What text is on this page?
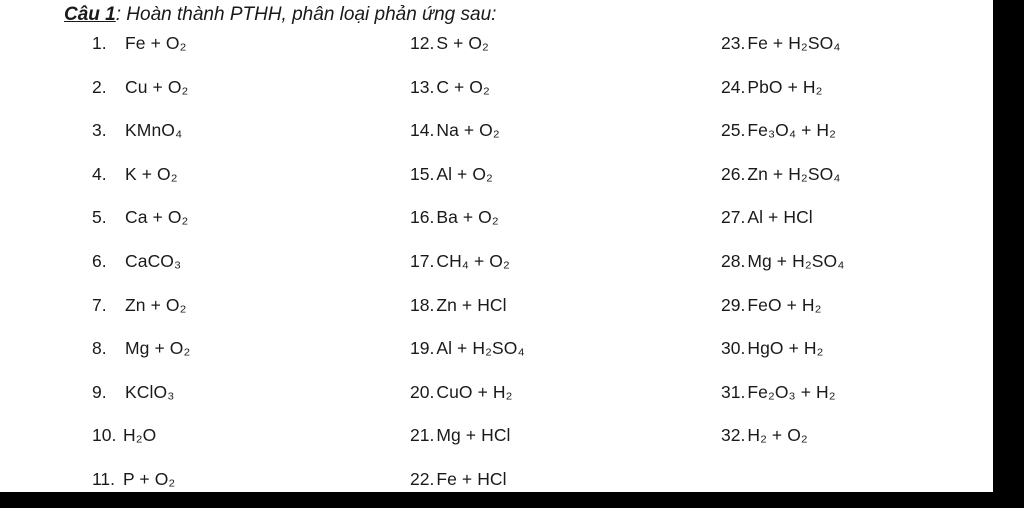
Câu 1: Hoàn thành PTHH, phân loại phản ứng sau:
1.	Fe + O₂
2.	Cu + O₂
3.	KMnO₄
4.	K + O₂
5.	Ca + O₂
6.	CaCO₃
7.	Zn + O₂
8.	Mg + O₂
9.	KClO₃
10. H₂O
11. P + O₂
12. S + O₂
13. C + O₂
14. Na + O₂
15. Al + O₂
16. Ba + O₂
17. CH₄ + O₂
18. Zn + HCl
19. Al + H₂SO₄
20. CuO + H₂
21. Mg + HCl
22. Fe + HCl
23. Fe + H₂SO₄
24. PbO + H₂
25. Fe₃O₄ + H₂
26. Zn + H₂SO₄
27. Al + HCl
28. Mg + H₂SO₄
29. FeO + H₂
30. HgO + H₂
31. Fe₂O₃ + H₂
32. H₂ + O₂
